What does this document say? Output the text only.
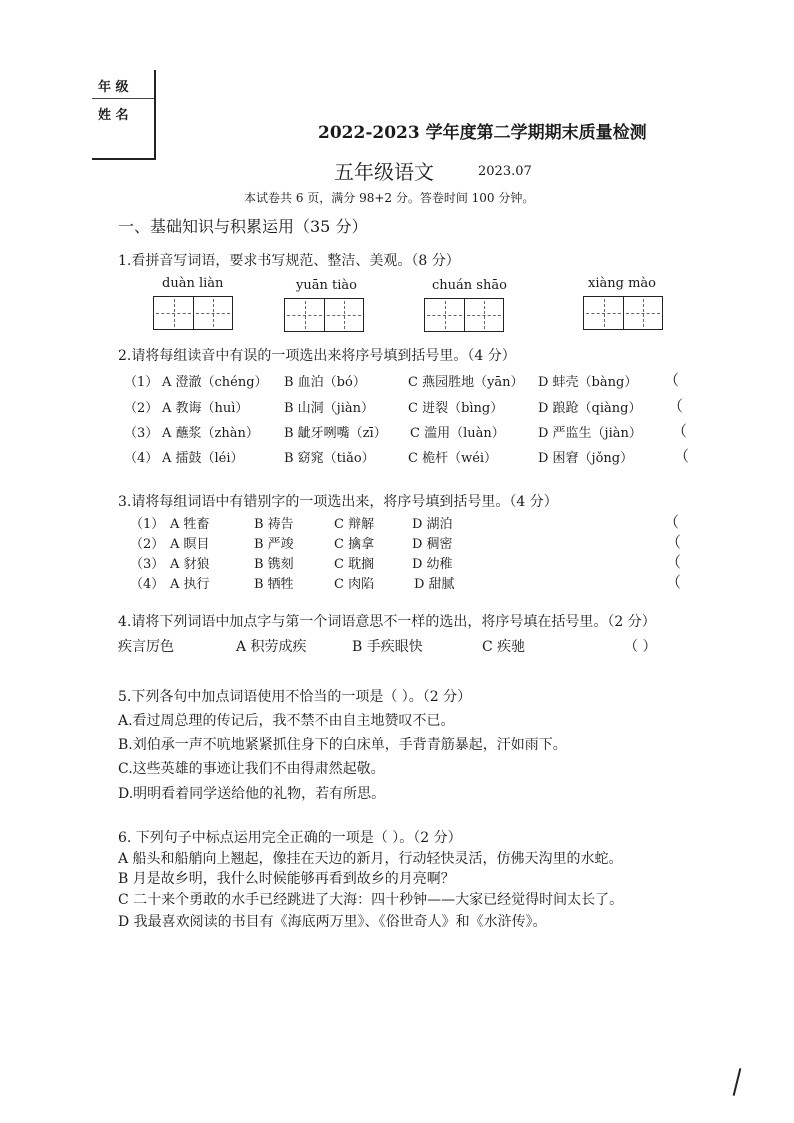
年 级
姓 名
2022-2023 学年度第二学期期末质量检测
五年级语文	2023.07
本试卷共 6 页，满分 98+2 分。答卷时间 100 分钟。
一、基础知识与积累运用（35 分）
1.看拼音写词语，要求书写规范、整洁、美观。（8 分）
duàn liàn	yuān tiào	chuán shāo	xiàng mào
2.请将每组读音中有误的一项选出来将序号填到括号里。（4 分）
（1） A 澄澈（chéng） B 血泊（bó）	C 燕园胜地（yān） D 蚌壳（bàng） （
（2） A 教诲（huì）	B 山洞（jiàn）	C 迸裂（bìng）	D 踉跄（qiàng） （
（3） A 蘸浆（zhàn） B 龇牙咧嘴（zī） C 滥用（luàn）	D 严监生（jiàn） （
（4） A 擂鼓（léi）	B 窈窕（tiǎo）	C 桅杆（wéi）	D 困窘（jǒng）	（
3.请将每组词语中有错别字的一项选出来，将序号填到括号里。（4 分）
（1） A 牲畜	B 祷告	C 辩解	D 湖泊	（
（2） A 瞑目	B 严竣	C 擒拿	D 稠密	（
（3） A 豺狼	B 镌刻	C 耽搁	D 幼稚	（
（4） A 执行	B 牺牲	C 肉陷	D 甜腻	（
4.请将下列词语中加点字与第一个词语意思不一样的选出，将序号填在括号里。（2 分）
疾言厉色	A 积劳成疾	B 手疾眼快	C 疾驰	（ ）
5.下列各句中加点词语使用不恰当的一项是（ ）。（2 分）
A.看过周总理的传记后，我不禁不由自主地赞叹不已。
B.刘伯承一声不吭地紧紧抓住身下的白床单，手背青筋暴起，汗如雨下。
C.这些英雄的事迹让我们不由得肃然起敬。
D.明明看着同学送给他的礼物，若有所思。
6. 下列句子中标点运用完全正确的一项是（ ）。（2 分）
A 船头和船艄向上翘起，像挂在天边的新月，行动轻快灵活，仿佛天沟里的水蛇。
B 月是故乡明，我什么时候能够再看到故乡的月亮啊？
C 二十来个勇敢的水手已经跳进了大海：四十秒钟——大家已经觉得时间太长了。
D 我最喜欢阅读的书目有《海底两万里》、《俗世奇人》和《水浒传》。
